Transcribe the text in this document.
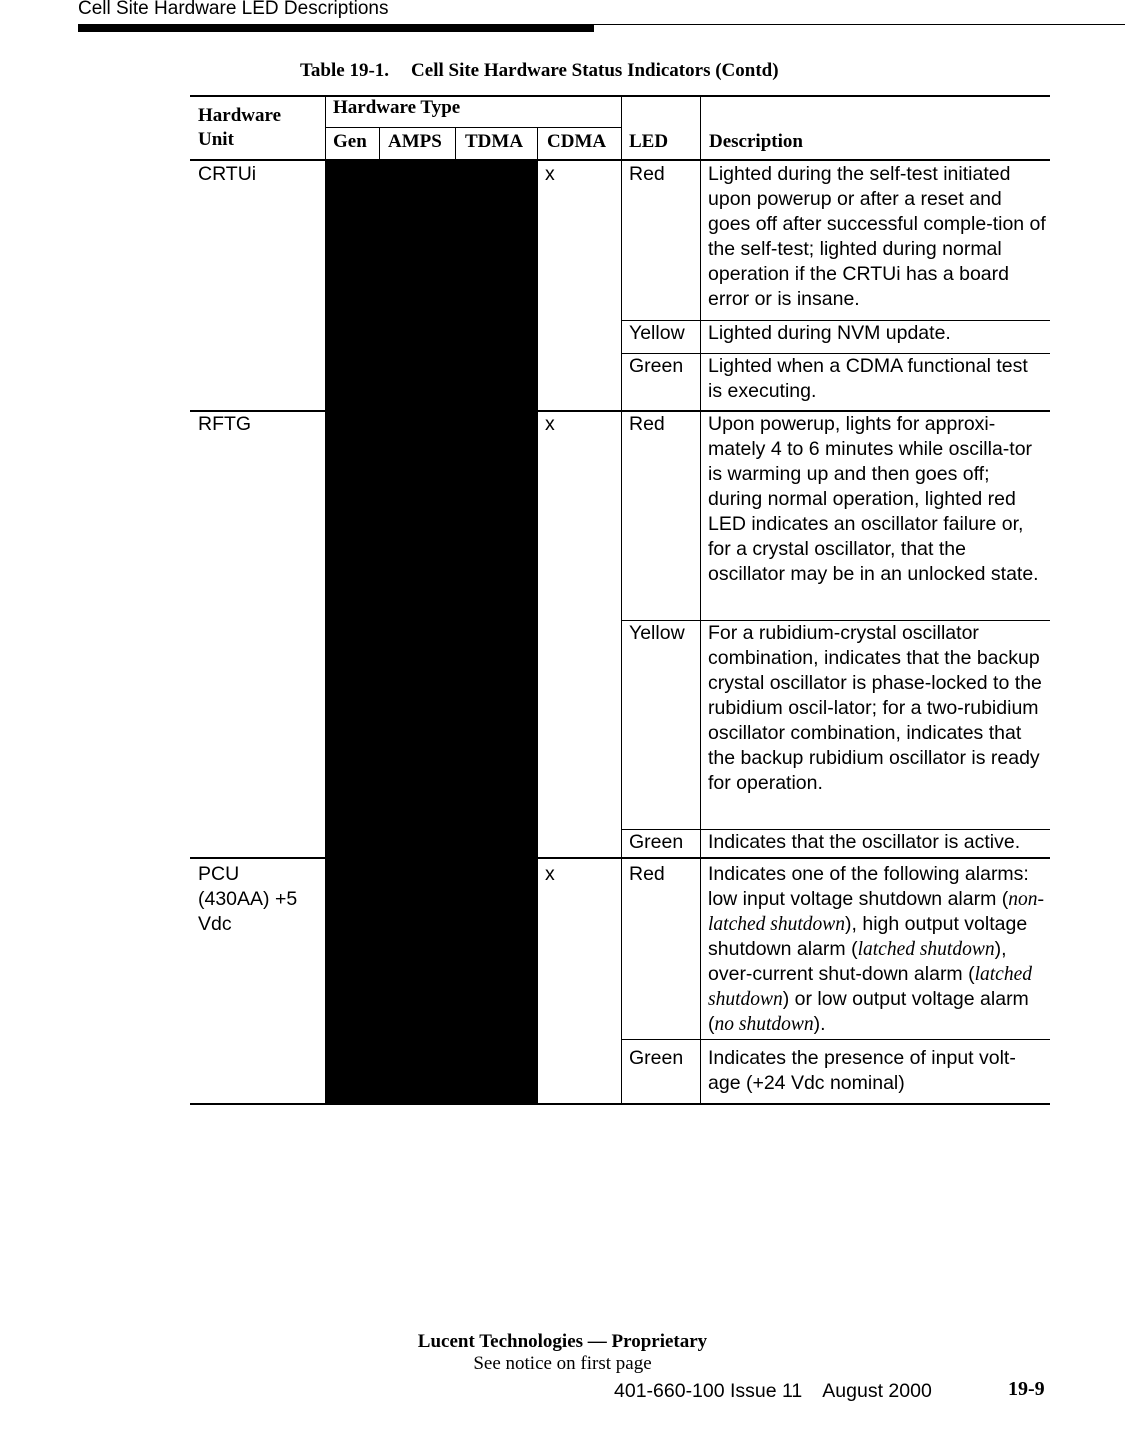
Cell Site Hardware LED Descriptions
Table 19-1. Cell Site Hardware Status Indicators (Contd)
Hardware
Unit
Hardware Type
Gen AMPS TDMA CDMA LED Description
CRTUi	x	Red Lighted during the self-test initiated upon powerup or after a reset and goes off after successful comple-tion of the self-test; lighted during normal operation if the CRTUi has a board error or is insane.
Yellow Lighted during NVM update.
Green Lighted when a CDMA functional test is executing.
RFTG	x	Red Upon powerup, lights for approxi-mately 4 to 6 minutes while oscilla-tor is warming up and then goes off; during normal operation, lighted red LED indicates an oscillator failure or, for a crystal oscillator, that the oscillator may be in an unlocked state.
Yellow For a rubidium-crystal oscillator combination, indicates that the backup crystal oscillator is phase-locked to the rubidium oscil-lator; for a two-rubidium oscillator combination, indicates that the backup rubidium oscillator is ready for operation.
Green Indicates that the oscillator is active.
PCU
(430AA) +5
Vdc
x	Red Indicates one of the following alarms: low input voltage shutdown alarm (non-latched shutdown), high output voltage shutdown alarm (latched shutdown), over-current shut-down alarm (latched shutdown) or low output voltage alarm (no shutdown).
Green Indicates the presence of input volt-age (+24 Vdc nominal)
Lucent Technologies — Proprietary
See notice on first page
401-660-100 Issue 11 August 2000	19-9
